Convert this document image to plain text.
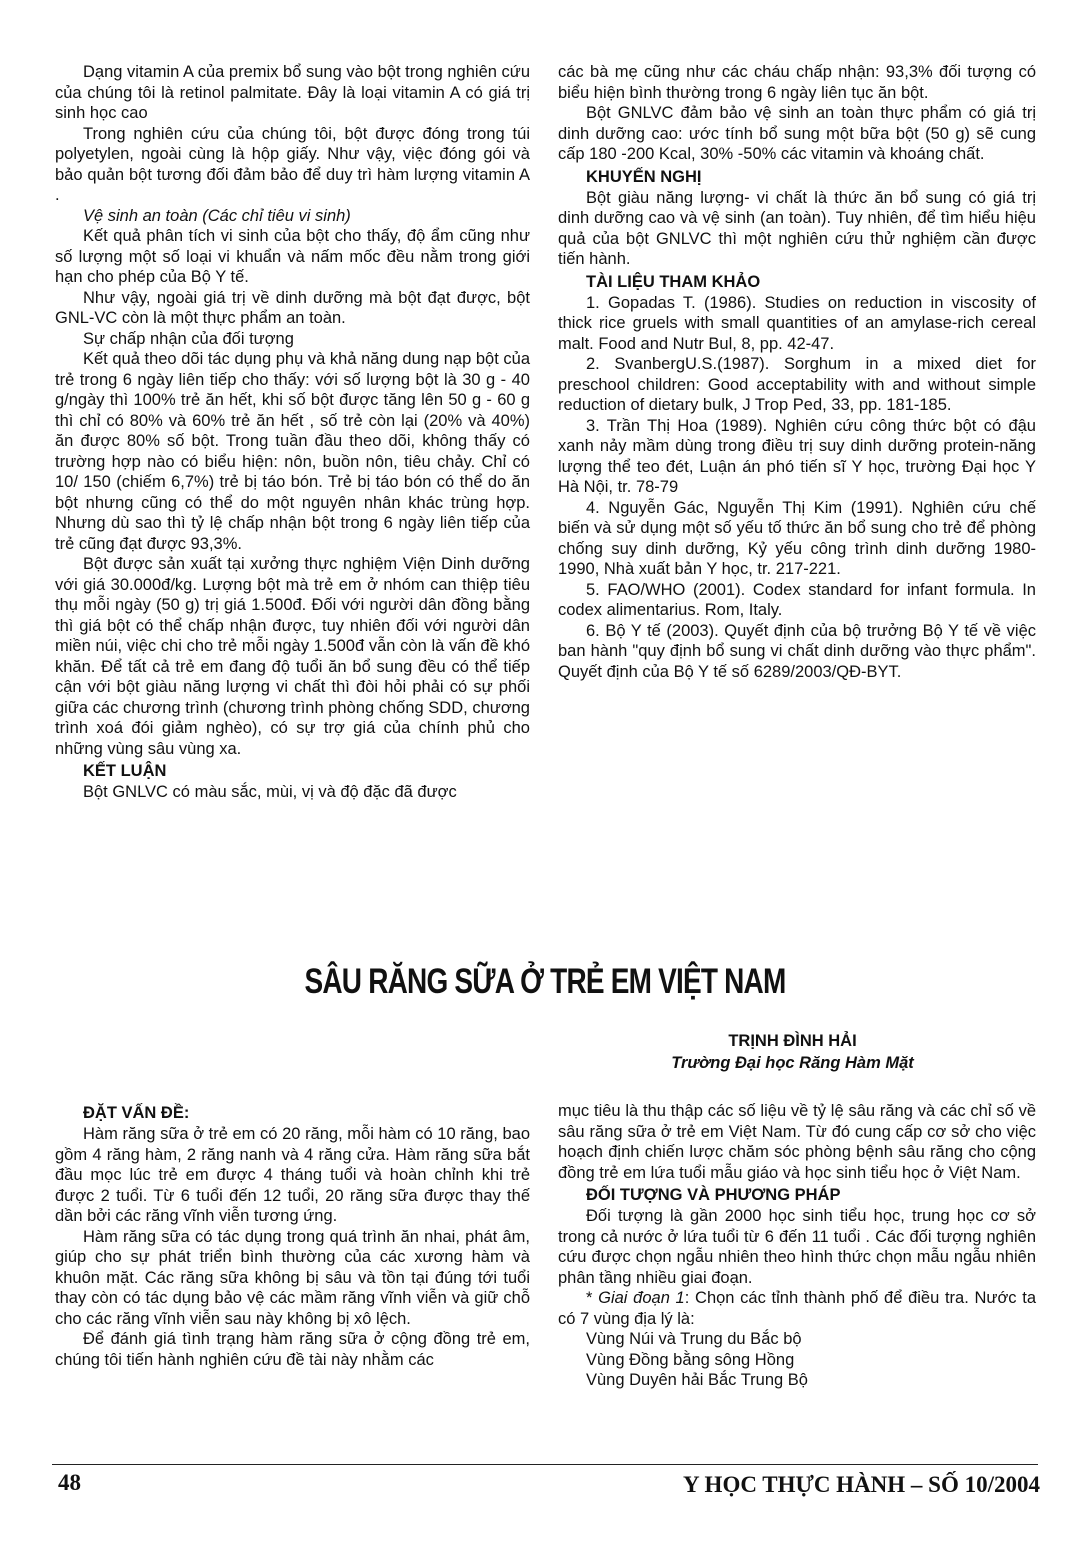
Dạng vitamin A của premix bổ sung vào bột trong nghiên cứu của chúng tôi là retinol palmitate. Đây là loại vitamin A có giá trị sinh học cao

Trong nghiên cứu của chúng tôi, bột được đóng trong túi polyetylen, ngoài cùng là hộp giấy. Như vậy, việc đóng gói và bảo quản bột tương đối đảm bảo để duy trì hàm lượng vitamin A .

Vệ sinh an toàn (Các chỉ tiêu vi sinh)

Kết quả phân tích vi sinh của bột cho thấy, độ ẩm cũng như số lượng một số loại vi khuẩn và nấm mốc đều nằm trong giới hạn cho phép của Bộ Y tế.

Như vậy, ngoài giá trị về dinh dưỡng mà bột đạt được, bột GNL-VC còn là một thực phẩm an toàn.

Sự chấp nhận của đối tượng

Kết quả theo dõi tác dụng phụ và khả năng dung nạp bột của trẻ trong 6 ngày liên tiếp cho thấy: với số lượng bột là 30 g - 40 g/ngày thì 100% trẻ ăn hết, khi số bột được tăng lên 50 g - 60 g thì chỉ có 80% và 60% trẻ ăn hết , số trẻ còn lại (20% và 40%) ăn được 80% số bột. Trong tuần đầu theo dõi, không thấy có trường hợp nào có biểu hiện: nôn, buồn nôn, tiêu chảy. Chỉ có 10/ 150 (chiếm 6,7%) trẻ bị táo bón. Trẻ bị táo bón có thể do ăn bột nhưng cũng có thể do một nguyên nhân khác trùng hợp. Nhưng dù sao thì tỷ lệ chấp nhận bột trong 6 ngày liên tiếp của trẻ cũng đạt được 93,3%.

Bột được sản xuất tại xưởng thực nghiệm Viện Dinh dưỡng với giá 30.000đ/kg. Lượng bột mà trẻ em ở nhóm can thiệp tiêu thụ mỗi ngày (50 g) trị giá 1.500đ. Đối với người dân đồng bằng thì giá bột có thể chấp nhận được, tuy nhiên đối với người dân miền núi, việc chi cho trẻ mỗi ngày 1.500đ vẫn còn là vấn đề khó khăn. Để tất cả trẻ em đang độ tuổi ăn bổ sung đều có thể tiếp cận với bột giàu năng lượng vi chất thì đòi hỏi phải có sự phối giữa các chương trình (chương trình phòng chống SDD, chương trình xoá đói giảm nghèo), có sự trợ giá của chính phủ cho những vùng sâu vùng xa.

KẾT LUẬN

Bột GNLVC có màu sắc, mùi, vị và độ đặc đã được

các bà mẹ cũng như các cháu chấp nhận: 93,3% đối tượng có biểu hiện bình thường trong 6 ngày liên tục ăn bột.

Bột GNLVC đảm bảo vệ sinh an toàn thực phẩm có giá trị dinh dưỡng cao: ước tính bổ sung một bữa bột (50 g) sẽ cung cấp 180 -200 Kcal, 30% -50% các vitamin và khoáng chất.

KHUYẾN NGHỊ

Bột giàu năng lượng- vi chất là thức ăn bổ sung có giá trị dinh dưỡng cao và vệ sinh (an toàn). Tuy nhiên, để tìm hiểu hiệu quả của bột GNLVC thì một nghiên cứu thử nghiệm cần được tiến hành.

TÀI LIỆU THAM KHẢO

1. Gopadas T. (1986). Studies on reduction in viscosity of thick rice gruels with small quantities of an amylase-rich cereal malt. Food and Nutr Bul, 8, pp. 42-47.

2. SvanbergU.S.(1987). Sorghum in a mixed diet for preschool children: Good acceptability with and without simple reduction of dietary bulk, J Trop Ped, 33, pp. 181-185.

3. Trần Thị Hoa (1989). Nghiên cứu công thức bột có đậu xanh nảy mầm dùng trong điều trị suy dinh dưỡng protein-năng lượng thể teo đét, Luận án phó tiến sĩ Y học, trường Đại học Y Hà Nội, tr. 78-79

4. Nguyễn Gác, Nguyễn Thị Kim (1991). Nghiên cứu chế biến và sử dụng một số yếu tố thức ăn bổ sung cho trẻ để phòng chống suy dinh dưỡng, Kỷ yếu công trình dinh dưỡng 1980-1990, Nhà xuất bản Y học, tr. 217-221.

5. FAO/WHO (2001). Codex standard for infant formula. In codex alimentarius. Rom, Italy.

6. Bộ Y tế (2003). Quyết định của bộ trưởng Bộ Y tế về việc ban hành "quy định bổ sung vi chất dinh dưỡng vào thực phẩm". Quyết định của Bộ Y tế số 6289/2003/QĐ-BYT.

SÂU RĂNG SỮA Ở TRẺ EM VIỆT NAM
TRỊNH ĐÌNH HẢI
Trường Đại học Răng Hàm Mặt
ĐẶT VẤN ĐỀ:

Hàm răng sữa ở trẻ em có 20 răng, mỗi hàm có 10 răng, bao gồm 4 răng hàm, 2 răng nanh và 4 răng cửa. Hàm răng sữa bắt đầu mọc lúc trẻ em được 4 tháng tuổi và hoàn chỉnh khi trẻ được 2 tuổi. Từ 6 tuổi đến 12 tuổi, 20 răng sữa được thay thế dần bởi các răng vĩnh viễn tương ứng.

Hàm răng sữa có tác dụng trong quá trình ăn nhai, phát âm, giúp cho sự phát triển bình thường của các xương hàm và khuôn mặt. Các răng sữa không bị sâu và tồn tại đúng tới tuổi thay còn có tác dụng bảo vệ các mầm răng vĩnh viễn và giữ chỗ cho các răng vĩnh viễn sau này không bị xô lệch.

Để đánh giá tình trạng hàm răng sữa ở cộng đồng trẻ em, chúng tôi tiến hành nghiên cứu đề tài này nhằm các

mục tiêu là thu thập các số liệu về tỷ lệ sâu răng và các chỉ số về sâu răng sữa ở trẻ em Việt Nam. Từ đó cung cấp cơ sở cho việc hoạch định chiến lược chăm sóc phòng bệnh sâu răng cho cộng đồng trẻ em lứa tuổi mẫu giáo và học sinh tiểu học ở Việt Nam.

ĐỐI TƯỢNG VÀ PHƯƠNG PHÁP

Đối tượng là gần 2000 học sinh tiểu học, trung học cơ sở trong cả nước ở lứa tuổi từ 6 đến 11 tuổi . Các đối tượng nghiên cứu được chọn ngẫu nhiên theo hình thức chọn mẫu ngẫu nhiên phân tầng nhiều giai đoạn.

* Giai đoạn 1: Chọn các tỉnh thành phố để điều tra. Nước ta có 7 vùng địa lý là:

Vùng Núi và Trung du Bắc bộ

Vùng Đồng bằng sông Hồng

Vùng Duyên hải Bắc Trung Bộ

48	Y HỌC THỰC HÀNH – SỐ 10/2004
